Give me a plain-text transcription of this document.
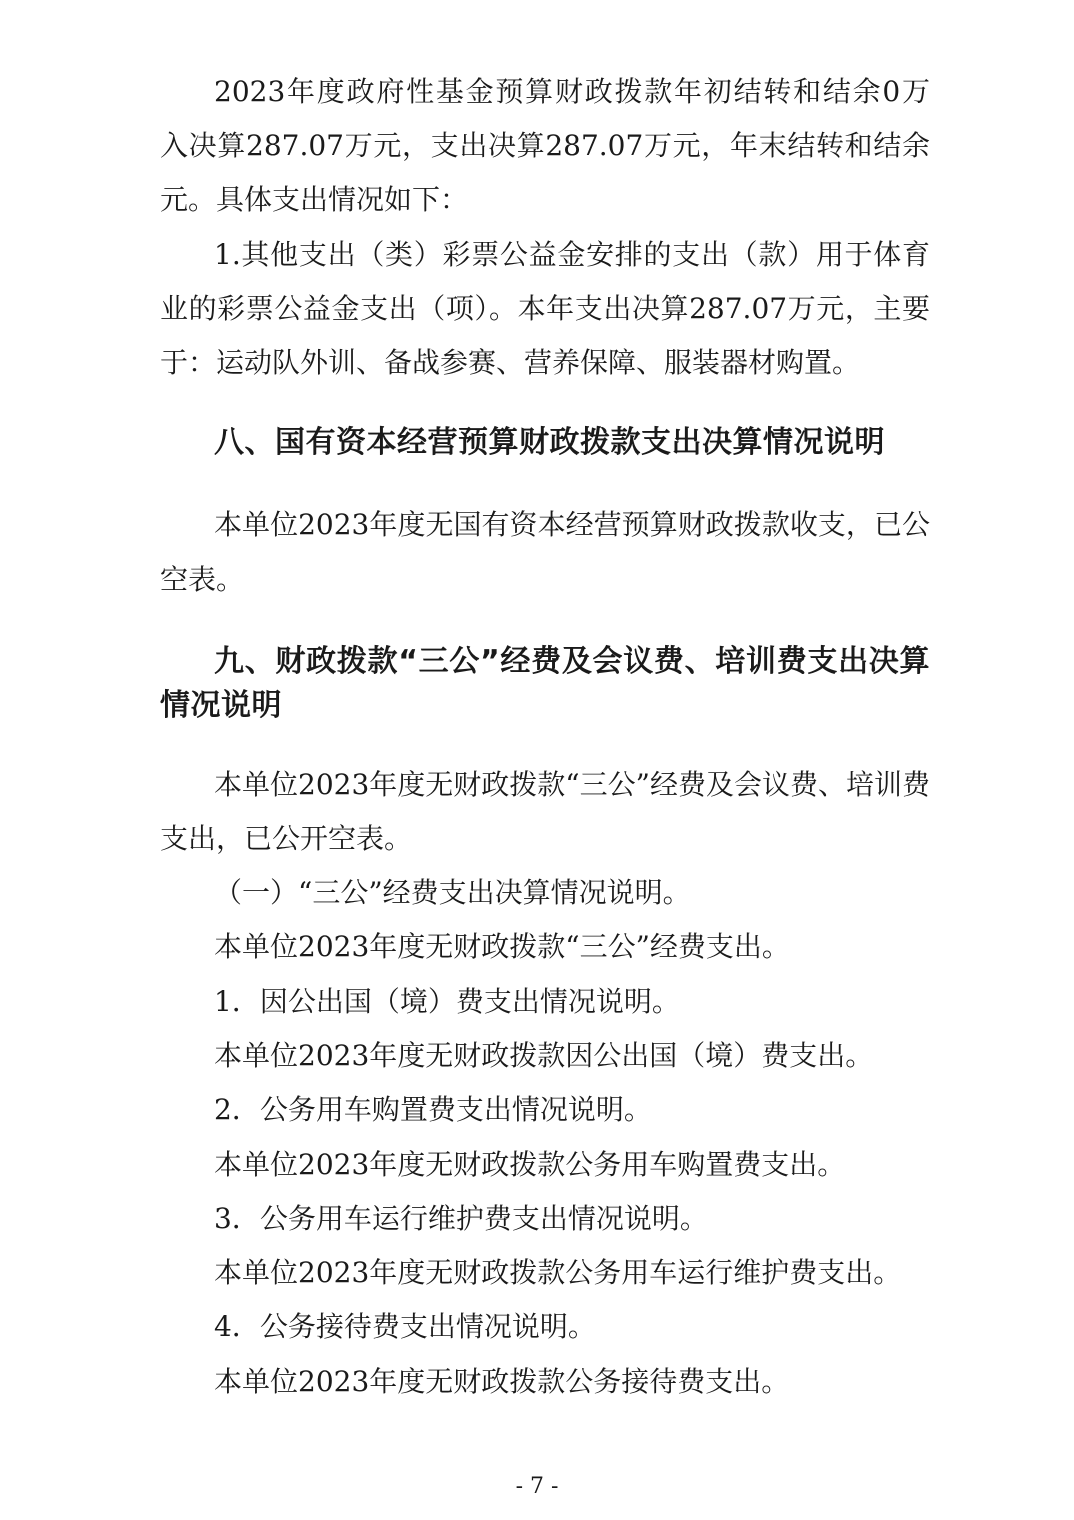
2023年度政府性基金预算财政拨款年初结转和结余0万
入决算287.07万元，支出决算287.07万元，年末结转和结余
元。具体支出情况如下：
1.其他支出（类）彩票公益金安排的支出（款）用于体育
业的彩票公益金支出（项）。本年支出决算287.07万元，主要
于：运动队外训、备战参赛、营养保障、服装器材购置。
八、国有资本经营预算财政拨款支出决算情况说明
本单位2023年度无国有资本经营预算财政拨款收支，已公
空表。
九、财政拨款“三公”经费及会议费、培训费支出决算
情况说明
本单位2023年度无财政拨款“三公”经费及会议费、培训费
支出，已公开空表。
（一）“三公”经费支出决算情况说明。
本单位2023年度无财政拨款“三公”经费支出。
1．因公出国（境）费支出情况说明。
本单位2023年度无财政拨款因公出国（境）费支出。
2．公务用车购置费支出情况说明。
本单位2023年度无财政拨款公务用车购置费支出。
3．公务用车运行维护费支出情况说明。
本单位2023年度无财政拨款公务用车运行维护费支出。
4．公务接待费支出情况说明。
本单位2023年度无财政拨款公务接待费支出。
- 7 -
